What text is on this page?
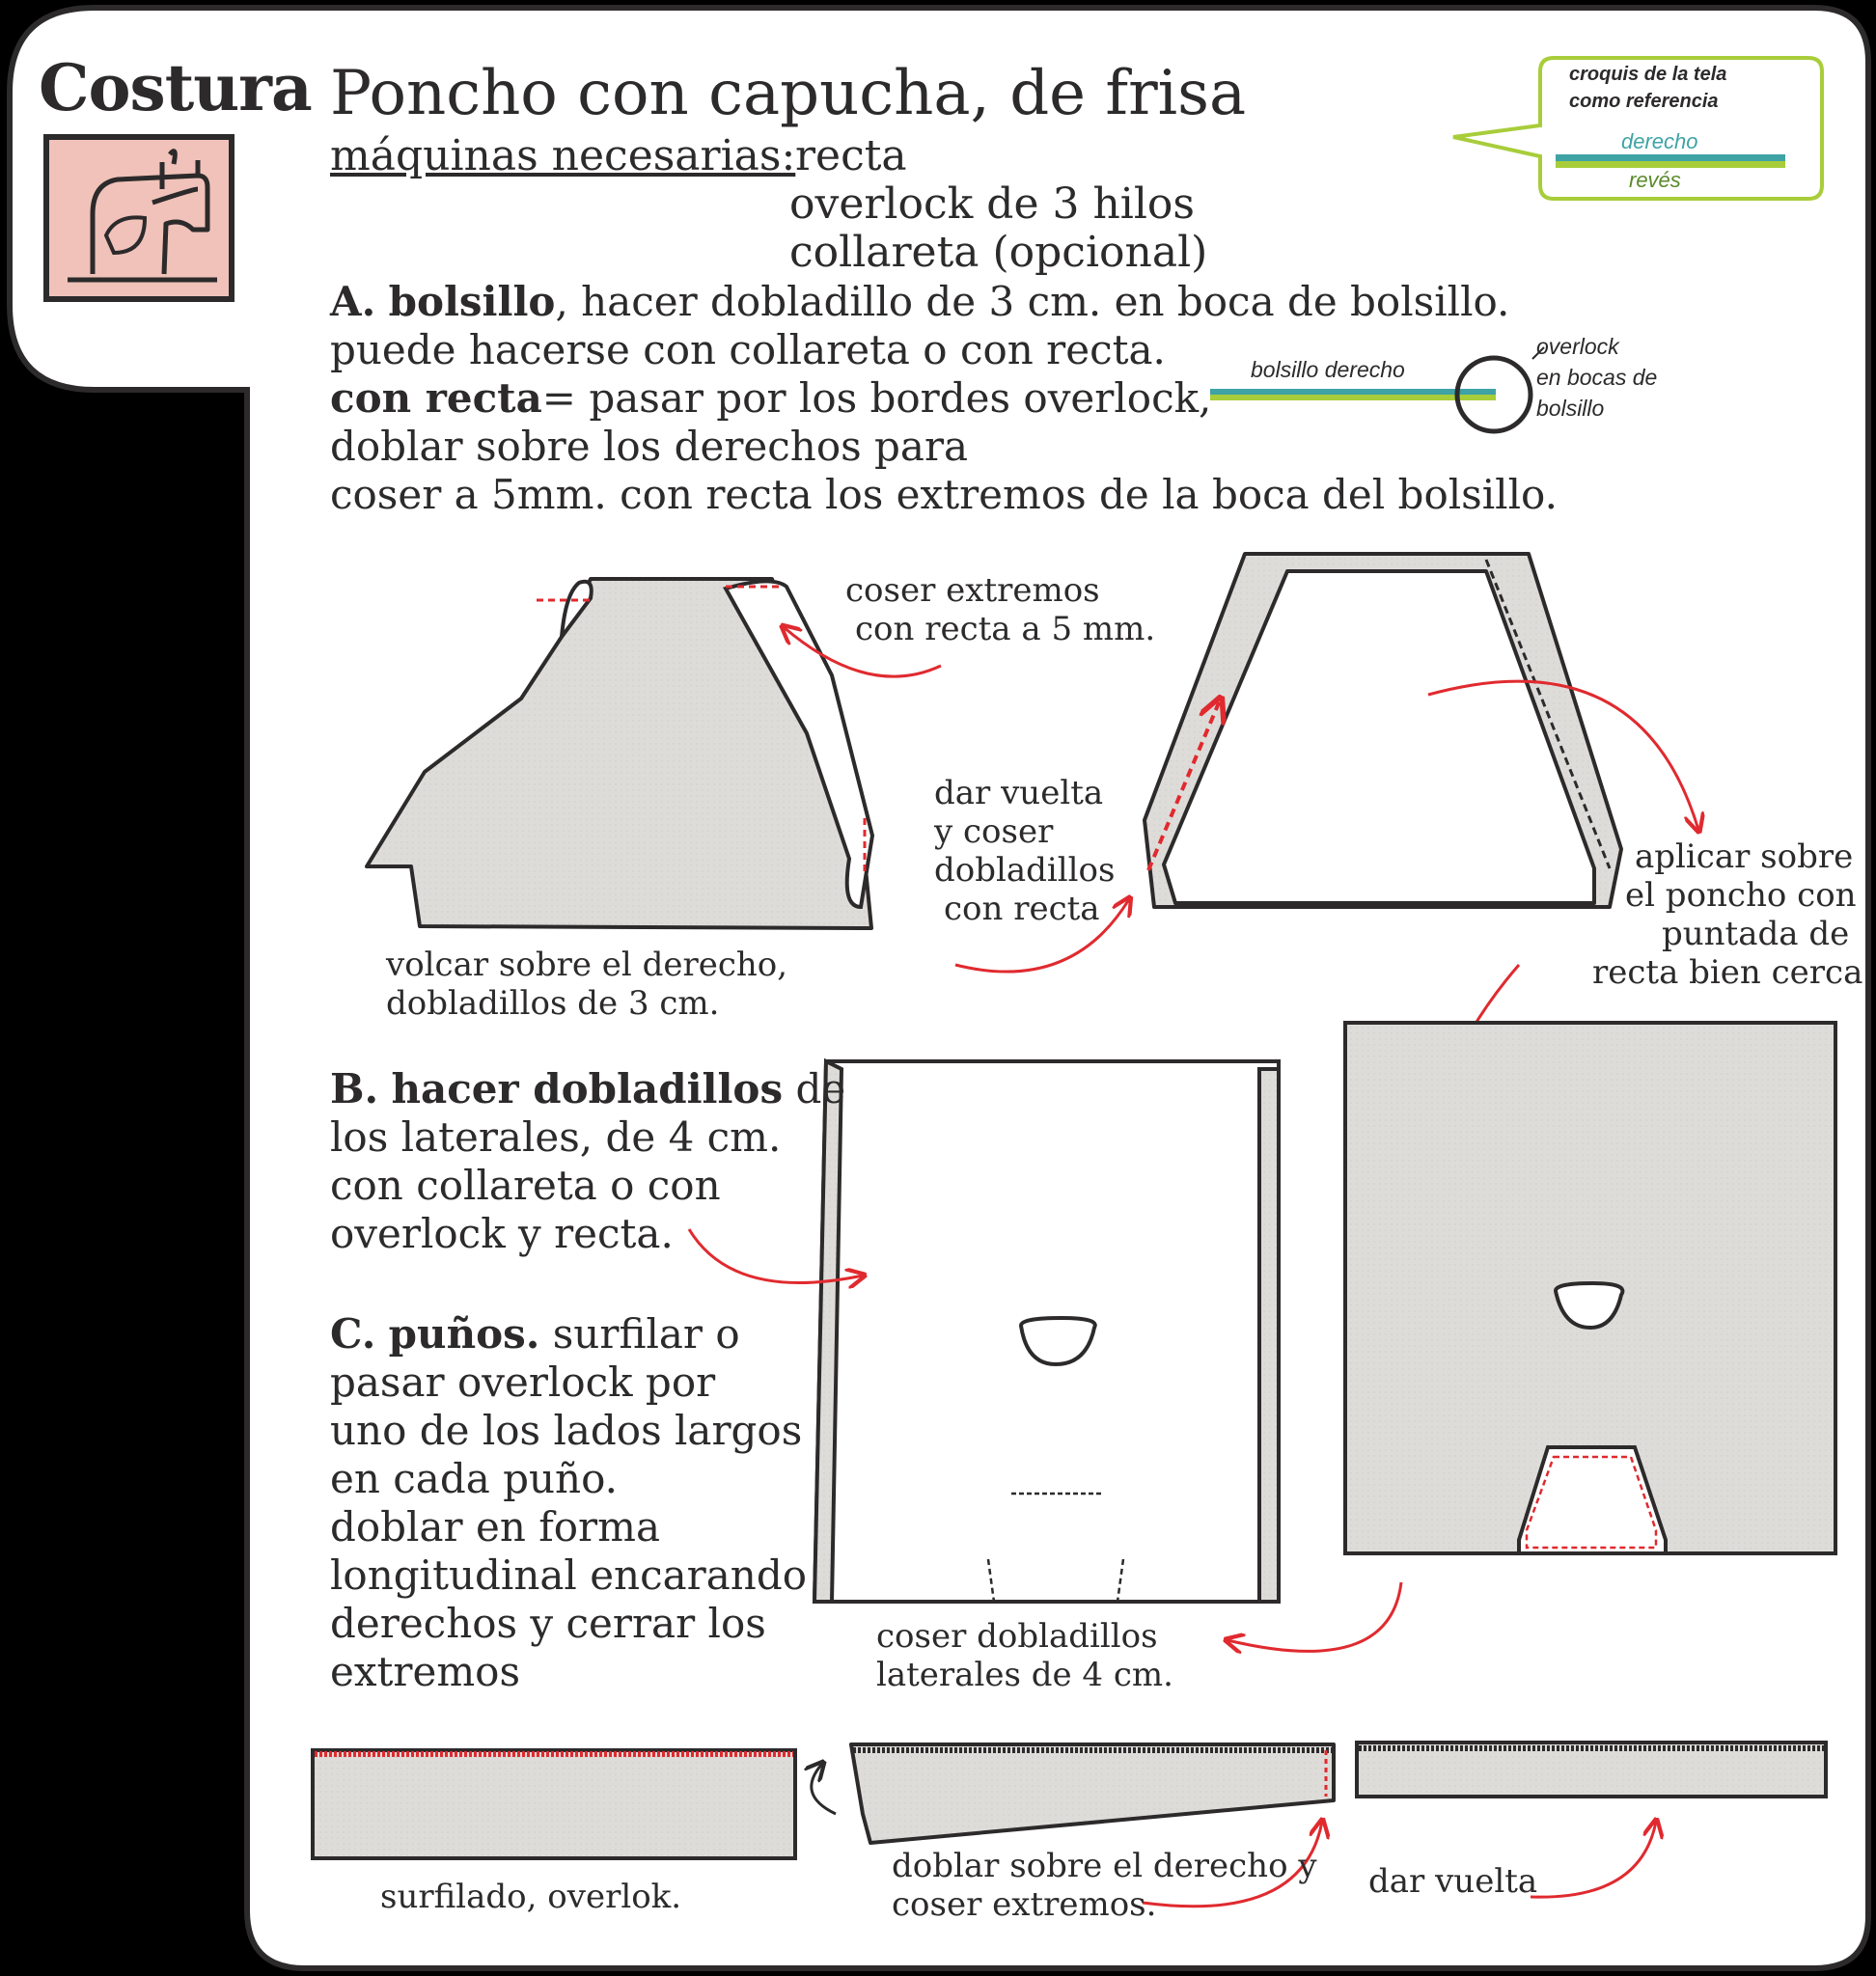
Costura Poncho con capucha, de frisa
máquinas necesarias: recta
overlock de 3 hilos
collareta (opcional)
croquis de la tela
como referencia
derecho
revés
A. bolsillo, hacer dobladillo de 3 cm. en boca de bolsillo.
puede hacerse con collareta o con recta.
con recta= pasar por los bordes overlock,
doblar sobre los derechos para
coser a 5mm. con recta los extremos de la boca del bolsillo.
bolsillo derecho
overlock
en bocas de
bolsillo
coser extremos
con recta a 5 mm.
volcar sobre el derecho,
dobladillos de 3 cm.
dar vuelta
y coser
dobladillos
con recta
aplicar sobre
el poncho con
puntada de
recta bien cerca
B. hacer dobladillos de
los laterales, de 4 cm.
con collareta o con
overlock y recta.
C. puños. surfilar o
pasar overlock por
uno de los lados largos
en cada puño.
doblar en forma
longitudinal encarando
derechos y cerrar los
extremos
coser dobladillos
laterales de 4 cm.
surfilado, overlok.
doblar sobre el derecho y
coser extremos.
dar vuelta
